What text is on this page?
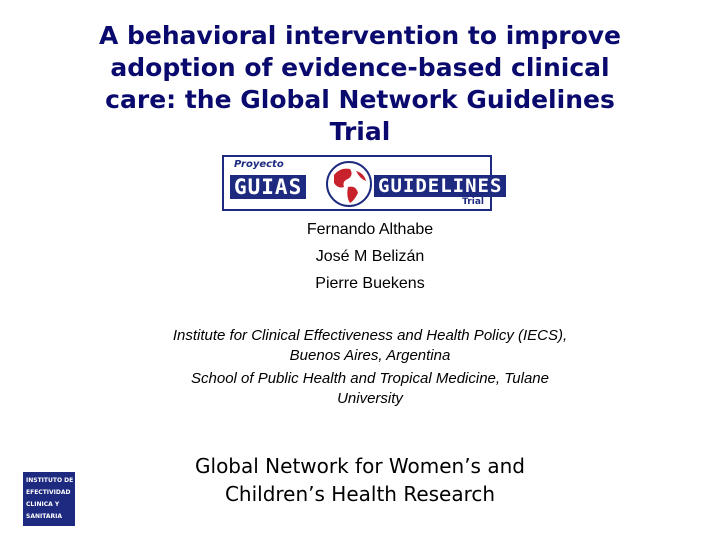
A behavioral intervention to improve
adoption of evidence-based clinical
care: the Global Network Guidelines
Trial
Proyecto
GUIAS	GUIDELINES
Trial
Fernando Althabe
José M Belizán
Pierre Buekens

Institute for Clinical Effectiveness and Health Policy (IECS),
Buenos Aires, Argentina

School of Public Health and Tropical Medicine, Tulane
University

Global Network for Women’s and
Children’s Health Research
INSTITUTO DE
EFECTIVIDAD
CLINICA Y
SANITARIA
